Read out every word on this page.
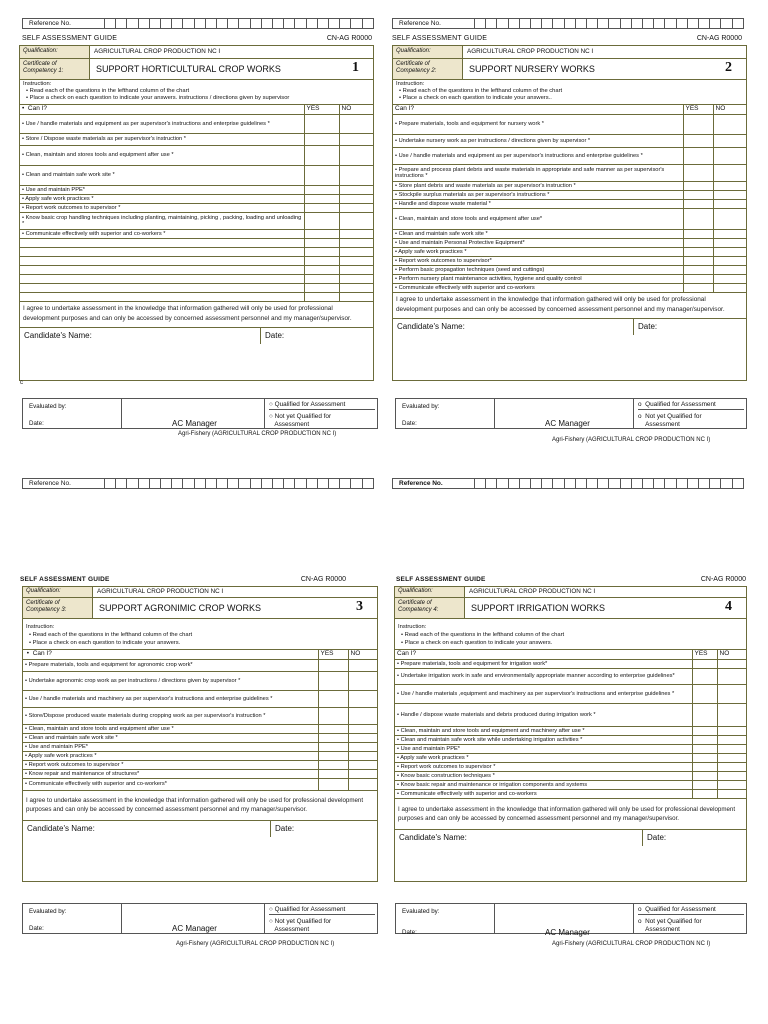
Reference No.	Reference No.
Reference No.	Reference No.
SELF ASSESSMENT GUIDE	CN-AG R0000	SELF ASSESSMENT GUIDE	CN-AG R0000
SELF ASSESSMENT GUIDE	CN-AG R0000	SELF ASSESSMENT GUIDE	CN-AG R0000
Qualification:	AGRICULTURAL CROP PRODUCTION NC I
Certificate of Competency 1:	SUPPORT HORTICULTURAL CROP WORKS	1
Instruction:
• Read each of the questions in the lefthand column of the chart
• Place a check on each question to indicate your answers. instructions / directions given by supervisor
•  Can I?	YES	NO
• Use / handle materials and equipment as per supervisor's instructions and enterprise guidelines *		
• Store / Dispose waste materials as per supervisor's instruction *		
• Clean, maintain and stores tools and equipment after use *		
• Clean and maintain safe work site *		
• Use and maintain PPE*		
• Apply safe work practices *		
• Report work outcomes to supervisor *		
• Know basic crop handling techniques including planting, maintaining, picking , packing, loading and unloading *		
• Communicate effectively with superior and co-workers *		

I agree to undertake assessment in the knowledge that information gathered will only be used for professional development purposes and can only be accessed by concerned assessment personnel and my manager/supervisor.
Candidate's Name:	Date:
c
Qualification:	AGRICULTURAL CROP PRODUCTION NC I
Certificate of Competency 2:	SUPPORT NURSERY WORKS	2
Instruction:
• Read each of the questions in the lefthand column of the chart
• Place a check on each question to indicate your answers..
Can I?	YES	NO
• Prepare materials, tools and equipment for nursery work *		
• Undertake nursery work as per instructions / directions given by supervisor *		
• Use / handle materials and equipment as per supervisor's instructions and enterprise guidelines *		
• Prepare and process plant debris and waste materials in appropriate and safe manner as per supervisor's instructions *		
• Store plant debris and waste materials as per supervisor's instruction *		
• Stockpile surplus materials as per supervisor's instructions *		
• Handle and dispose waste material *		
• Clean, maintain and store tools and equipment after use*		
• Clean and maintain safe work site *		
• Use and maintain Personal Protective Equipment*		
• Apply safe work practices *		
• Report work outcomes to supervisor*		
• Perform basic propagation techniques (seed and cuttings)		
• Perform nursery plant maintenance activities, hygiene and quality control		
• Communicate effectively with superior and co-workers		
I agree to undertake assessment in the knowledge that information gathered will only be used for professional development purposes and can only be accessed by concerned assessment personnel and my manager/supervisor.
Candidate's Name:	Date:
Evaluated by:
Date:	AC Manager
○ Qualified for Assessment
○ Not yet Qualified for
Assessment
Agri-Fishery (AGRICULTURAL CROP PRODUCTION NC I)
Evaluated by:
Date:	AC Manager
o  Qualified for Assessment
o  Not yet Qualified for
Assessment
Agri-Fishery (AGRICULTURAL CROP PRODUCTION NC I)
Qualification:	AGRICULTURAL CROP PRODUCTION NC I
Certificate of Competency 3:	SUPPORT AGRONIMIC CROP WORKS	3
Instruction:
• Read each of the questions in the lefthand column of the chart
• Place a check on each question to indicate your answers.
•  Can I?	YES	NO
• Prepare materials, tools and equipment for agronomic crop work*		
• Undertake agronomic crop work as per instructions / directions given by supervisor *		
• Use / handle materials and machinery as per supervisor's instructions and enterprise guidelines *		
• Store/Dispose produced waste materials during cropping work as per supervisor's instruction *		
• Clean, maintain and store tools and equipment after use *		
• Clean and maintain safe work site *		
• Use and maintain PPE*		
• Apply safe work practices *		
• Report work outcomes to supervisor *		
• Know repair and maintenance of structures*		
• Communicate effectively with superior and co-workers*		
I agree to undertake assessment in the knowledge that information gathered will only be used for professional development purposes and can only be accessed by concerned assessment personnel and my manager/supervisor.
Candidate's Name:	Date:
Qualification:	AGRICULTURAL CROP PRODUCTION NC I
Certificate of Competency 4:	SUPPORT IRRIGATION WORKS	4
Instruction:
• Read each of the questions in the lefthand column of the chart
• Place a check on each question to indicate your answers.
Can I?	YES	NO
• Prepare materials, tools and equipment for irrigation work*		
• Undertake irrigation work in safe and environmentally appropriate manner according to enterprise guidelines*		
• Use / handle materials ,equipment and machinery as per supervisor's instructions and enterprise guidelines *		
• Handle / dispose waste materials and debris produced during irrigation work *		
• Clean, maintain and store tools and equipment and machinery after use *		
• Clean and maintain safe work site while undertaking irrigation activities *		
• Use and maintain PPE*		
• Apply safe work practices *		
• Report work outcomes to supervisor *		
• Know basic construction techniques *		
• Know basic repair and maintenance or irrigation components and systems		
• Communicate effectively with superior and co-workers		
I agree to undertake assessment in the knowledge that information gathered will only be used for professional development purposes and can only be accessed by concerned assessment personnel and my manager/supervisor.
Candidate's Name:	Date:
Evaluated by:
Date:	AC Manager
○ Qualified for Assessment
○ Not yet Qualified for
Assessment
Agri-Fishery (AGRICULTURAL CROP PRODUCTION NC I)
Evaluated by:
Date:	AC Manager
o  Qualified for Assessment
o  Not yet Qualified for
Assessment
Agri-Fishery (AGRICULTURAL CROP PRODUCTION NC I)
